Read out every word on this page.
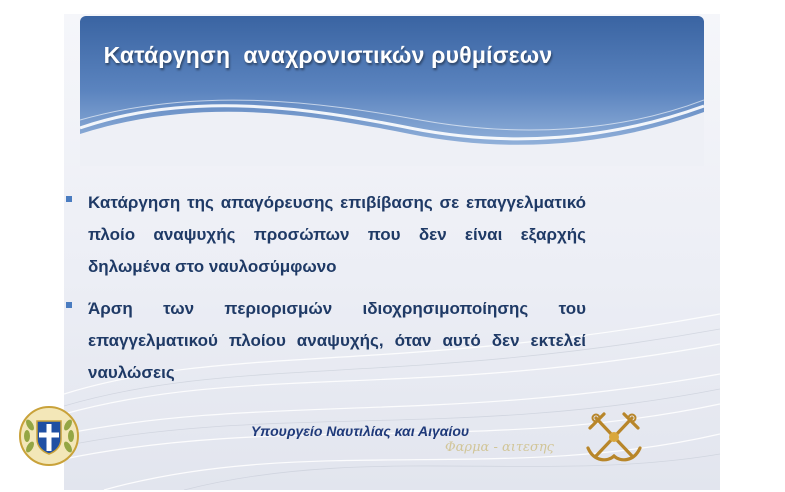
Κατάργηση  αναχρονιστικών ρυθμίσεων
Κατάργηση της απαγόρευσης επιβίβασης σε επαγγελματικό πλοίο αναψυχής προσώπων που δεν είναι εξαρχής δηλωμένα στο ναυλοσύμφωνο
Άρση των περιορισμών ιδιοχρησιμοποίησης του επαγγελματικού πλοίου αναψυχής, όταν αυτό δεν εκτελεί ναυλώσεις
Υπουργείο Ναυτιλίας και Αιγαίου
Φαρμα - αιτεσης
